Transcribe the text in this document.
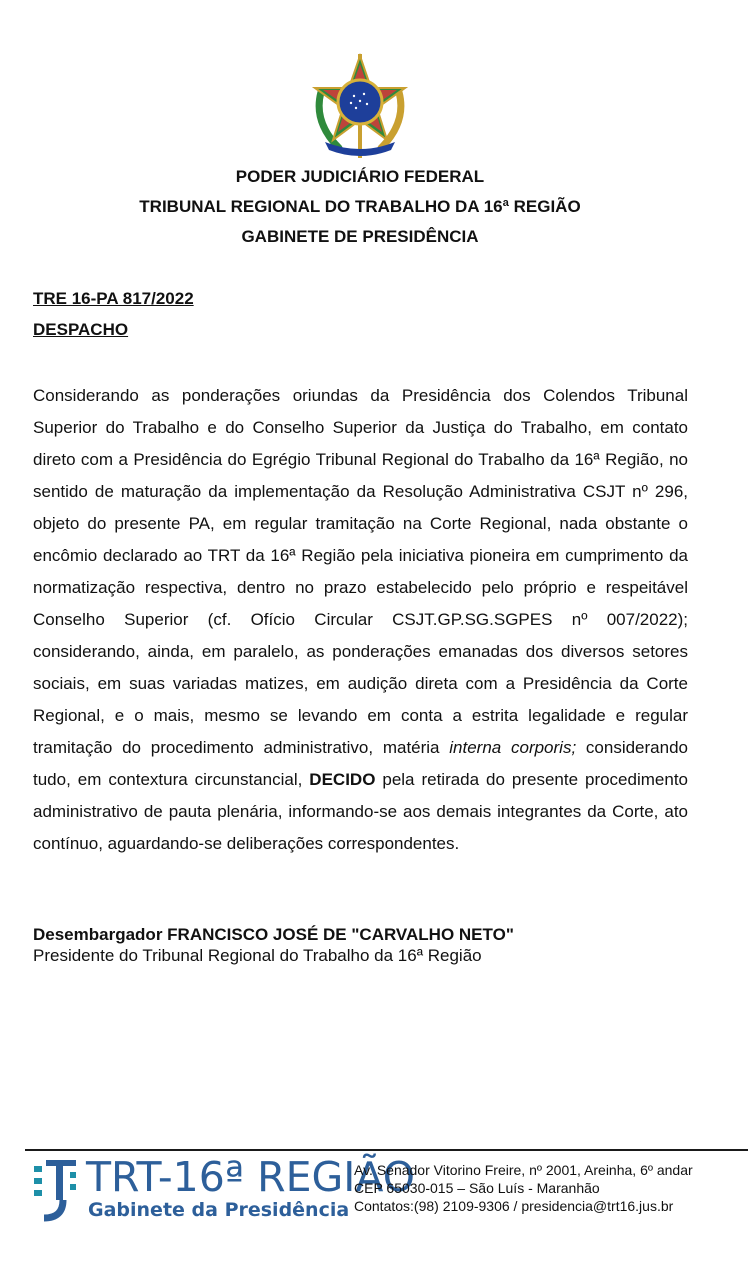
PODER JUDICIÁRIO FEDERAL
TRIBUNAL REGIONAL DO TRABALHO DA 16ª REGIÃO
GABINETE DE PRESIDÊNCIA
TRE 16-PA 817/2022
DESPACHO

Considerando as ponderações oriundas da Presidência dos Colendos Tribunal Superior do Trabalho e do Conselho Superior da Justiça do Trabalho, em contato direto com a Presidência do Egrégio Tribunal Regional do Trabalho da 16ª Região, no sentido de maturação da implementação da Resolução Administrativa CSJT nº 296, objeto do presente PA, em regular tramitação na Corte Regional, nada obstante o encômio declarado ao TRT da 16ª Região pela iniciativa pioneira em cumprimento da normatização respectiva, dentro no prazo estabelecido pelo próprio e respeitável Conselho Superior (cf. Ofício Circular CSJT.GP.SG.SGPES nº 007/2022); considerando, ainda, em paralelo, as ponderações emanadas dos diversos setores sociais, em suas variadas matizes, em audição direta com a Presidência da Corte Regional, e o mais, mesmo se levando em conta a estrita legalidade e regular tramitação do procedimento administrativo, matéria interna corporis; considerando tudo, em contextura circunstancial, DECIDO pela retirada do presente procedimento administrativo de pauta plenária, informando-se aos demais integrantes da Corte, ato contínuo, aguardando-se deliberações correspondentes.

Desembargador FRANCISCO JOSÉ DE "CARVALHO NETO"
Presidente do Tribunal Regional do Trabalho da 16ª Região
TRT-16ª REGIÃO
Gabinete da Presidência
Av. Senador Vitorino Freire, nº 2001, Areinha, 6º andar
CEP 65030-015 – São Luís - Maranhão
Contatos:(98) 2109-9306 / presidencia@trt16.jus.br
